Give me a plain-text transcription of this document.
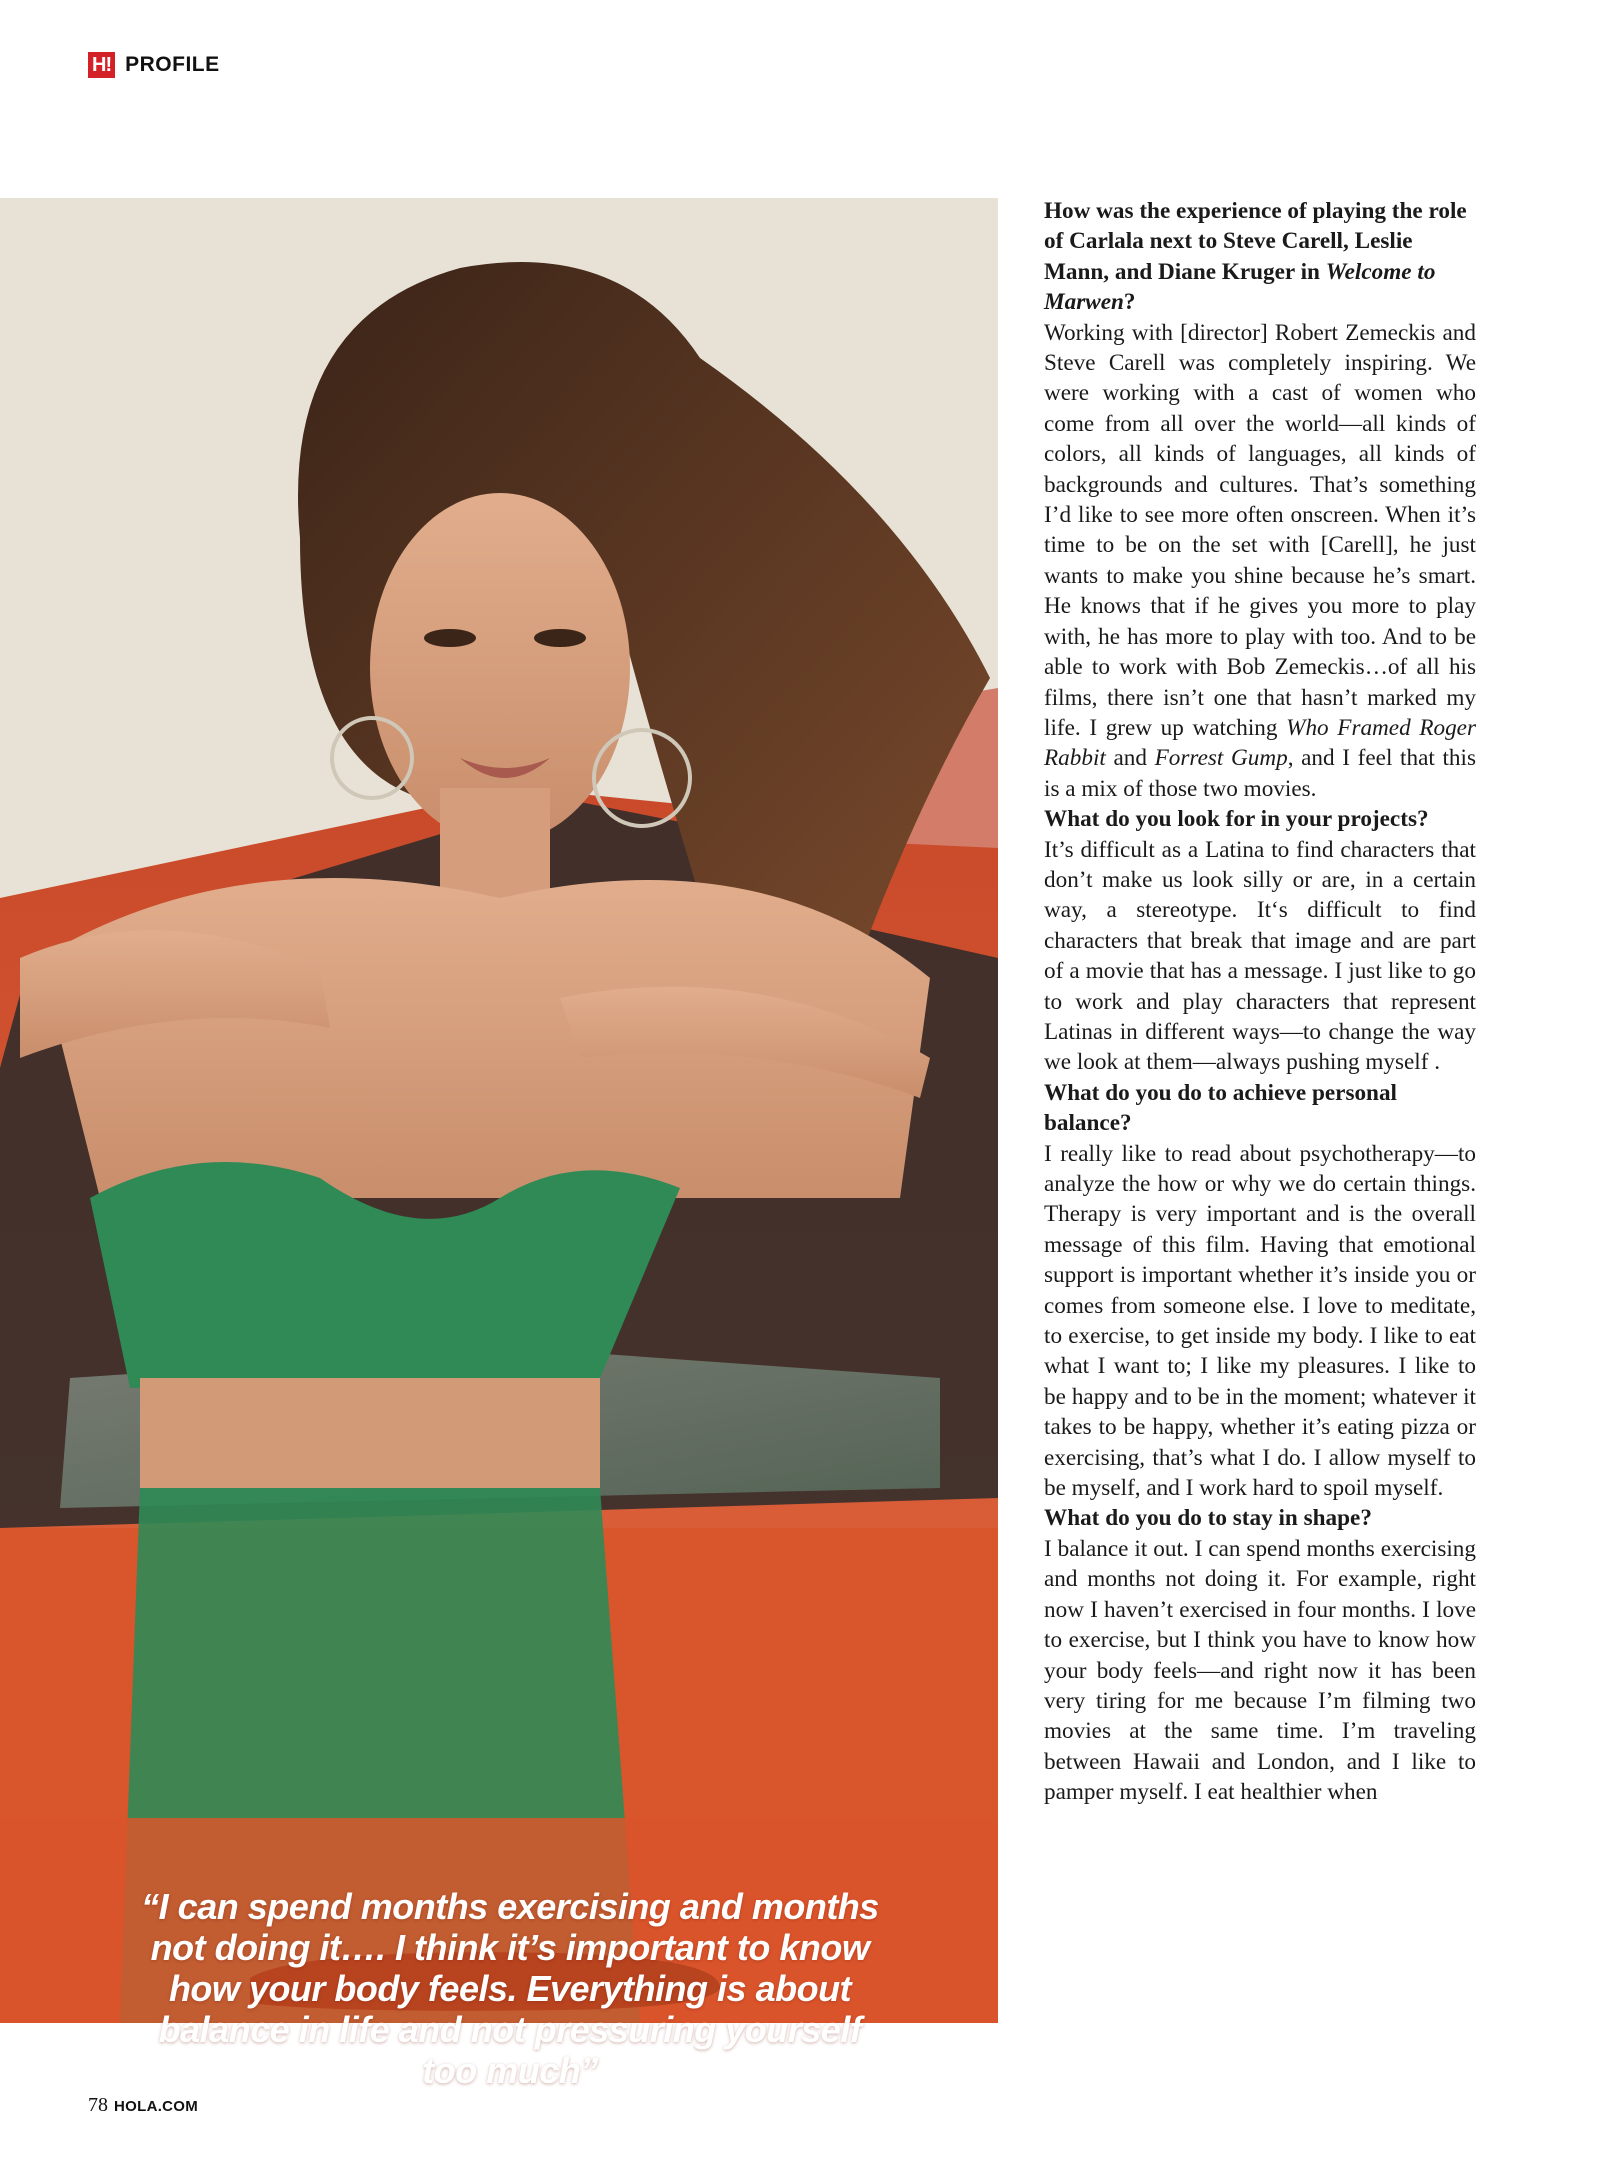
H! PROFILE
“I can spend months exercising and months not doing it…. I think it’s important to know how your body feels. Everything is about balance in life and not pressuring yourself too much”

How was the experience of playing the role of Carlala next to Steve Carell, Leslie Mann, and Diane Kruger in Welcome to Marwen?

Working with [director] Robert Zemeckis and Steve Carell was completely inspiring. We were working with a cast of women who come from all over the world—all kinds of colors, all kinds of languages, all kinds of backgrounds and cultures. That’s something I’d like to see more often onscreen. When it’s time to be on the set with [Carell], he just wants to make you shine because he’s smart. He knows that if he gives you more to play with, he has more to play with too. And to be able to work with Bob Zemeckis…of all his films, there isn’t one that hasn’t marked my life. I grew up watching Who Framed Roger Rabbit and Forrest Gump, and I feel that this is a mix of those two movies.

What do you look for in your projects?

It’s difficult as a Latina to find characters that don’t make us look silly or are, in a certain way, a stereotype. It‘s difficult to find characters that break that image and are part of a movie that has a message. I just like to go to work and play characters that represent Latinas in different ways—to change the way we look at them—always pushing myself .

What do you do to achieve personal balance?

I really like to read about psychotherapy—to analyze the how or why we do certain things. Therapy is very important and is the overall message of this film. Having that emotional support is important whether it’s inside you or comes from someone else. I love to meditate, to exercise, to get inside my body. I like to eat what I want to; I like my pleasures. I like to be happy and to be in the moment; whatever it takes to be happy, whether it’s eating pizza or exercising, that’s what I do. I allow myself to be myself, and I work hard to spoil myself.

What do you do to stay in shape?

I balance it out. I can spend months exercising and months not doing it. For example, right now I haven’t exercised in four months. I love to exercise, but I think you have to know how your body feels—and right now it has been very tiring for me because I’m filming two movies at the same time. I’m traveling between Hawaii and London, and I like to pamper myself. I eat healthier when

78 HOLA.COM
